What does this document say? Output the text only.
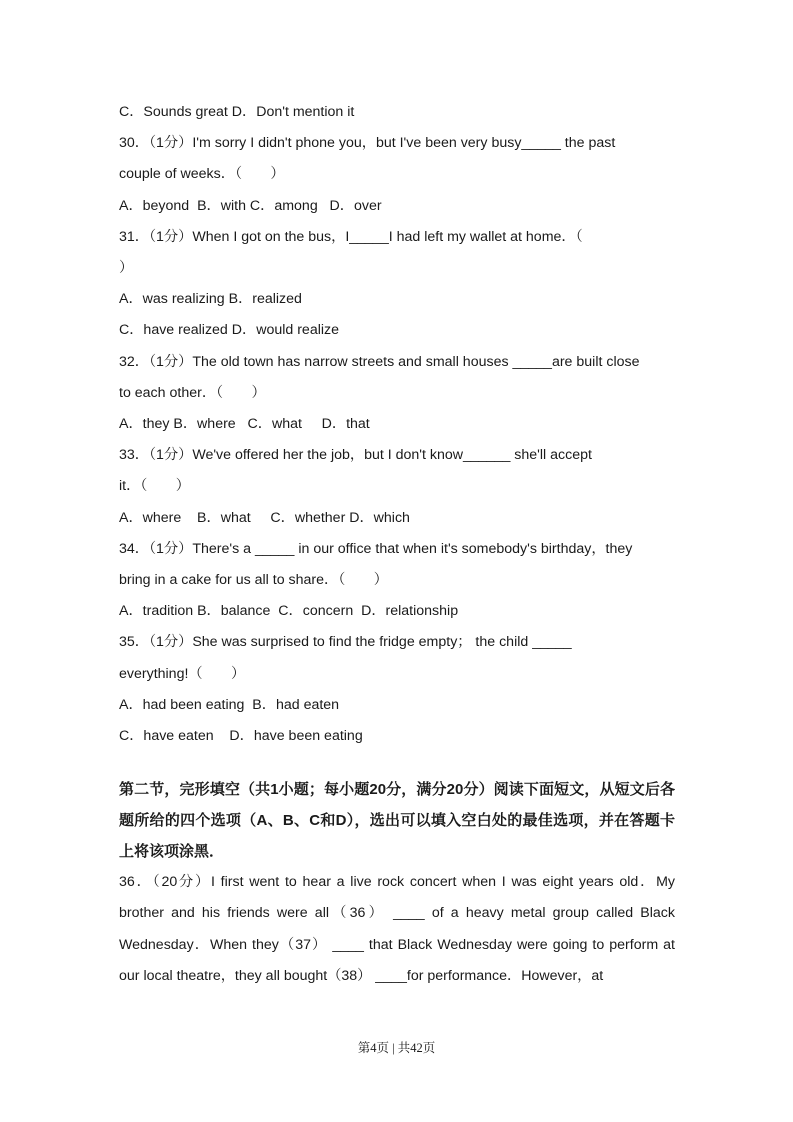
C．Sounds great D．Don't mention it

30．（1分）I'm sorry I didn't phone you，but I've been very busy_____ the past

couple of weeks．（　　）

A．beyond  B．with C．among   D．over

31．（1分）When I got on the bus，I_____I had left my wallet at home．（

）

A．was realizing B．realized

C．have realized D．would realize

32．（1分）The old town has narrow streets and small houses _____are built close

to each other．（　　）

A．they B．where   C．what     D．that

33．（1分）We've offered her the job，but I don't know______ she'll accept

it．（　　）

A．where    B．what     C．whether D．which

34．（1分）There's a _____ in our office that when it's somebody's birthday，they

bring in a cake for us all to share．（　　）

A．tradition B．balance  C．concern  D．relationship

35．（1分）She was surprised to find the fridge empty； the child _____

everything!（　　）

A．had been eating  B．had eaten

C．have eaten    D．have been eating

第二节，完形填空（共1小题；每小题20分，满分20分）阅读下面短文，从短文后各题所给的四个选项（A、B、C和D），选出可以填入空白处的最佳选项，并在答题卡上将该项涂黑．

36．（20分）I first went to hear a live rock concert when I was eight years old．My brother and his friends were all（36） ____ of a heavy metal group called Black Wednesday．When they（37） ____ that Black Wednesday were going to perform at our local theatre，they all bought（38） ____for performance．However，at

第4页 | 共42页
